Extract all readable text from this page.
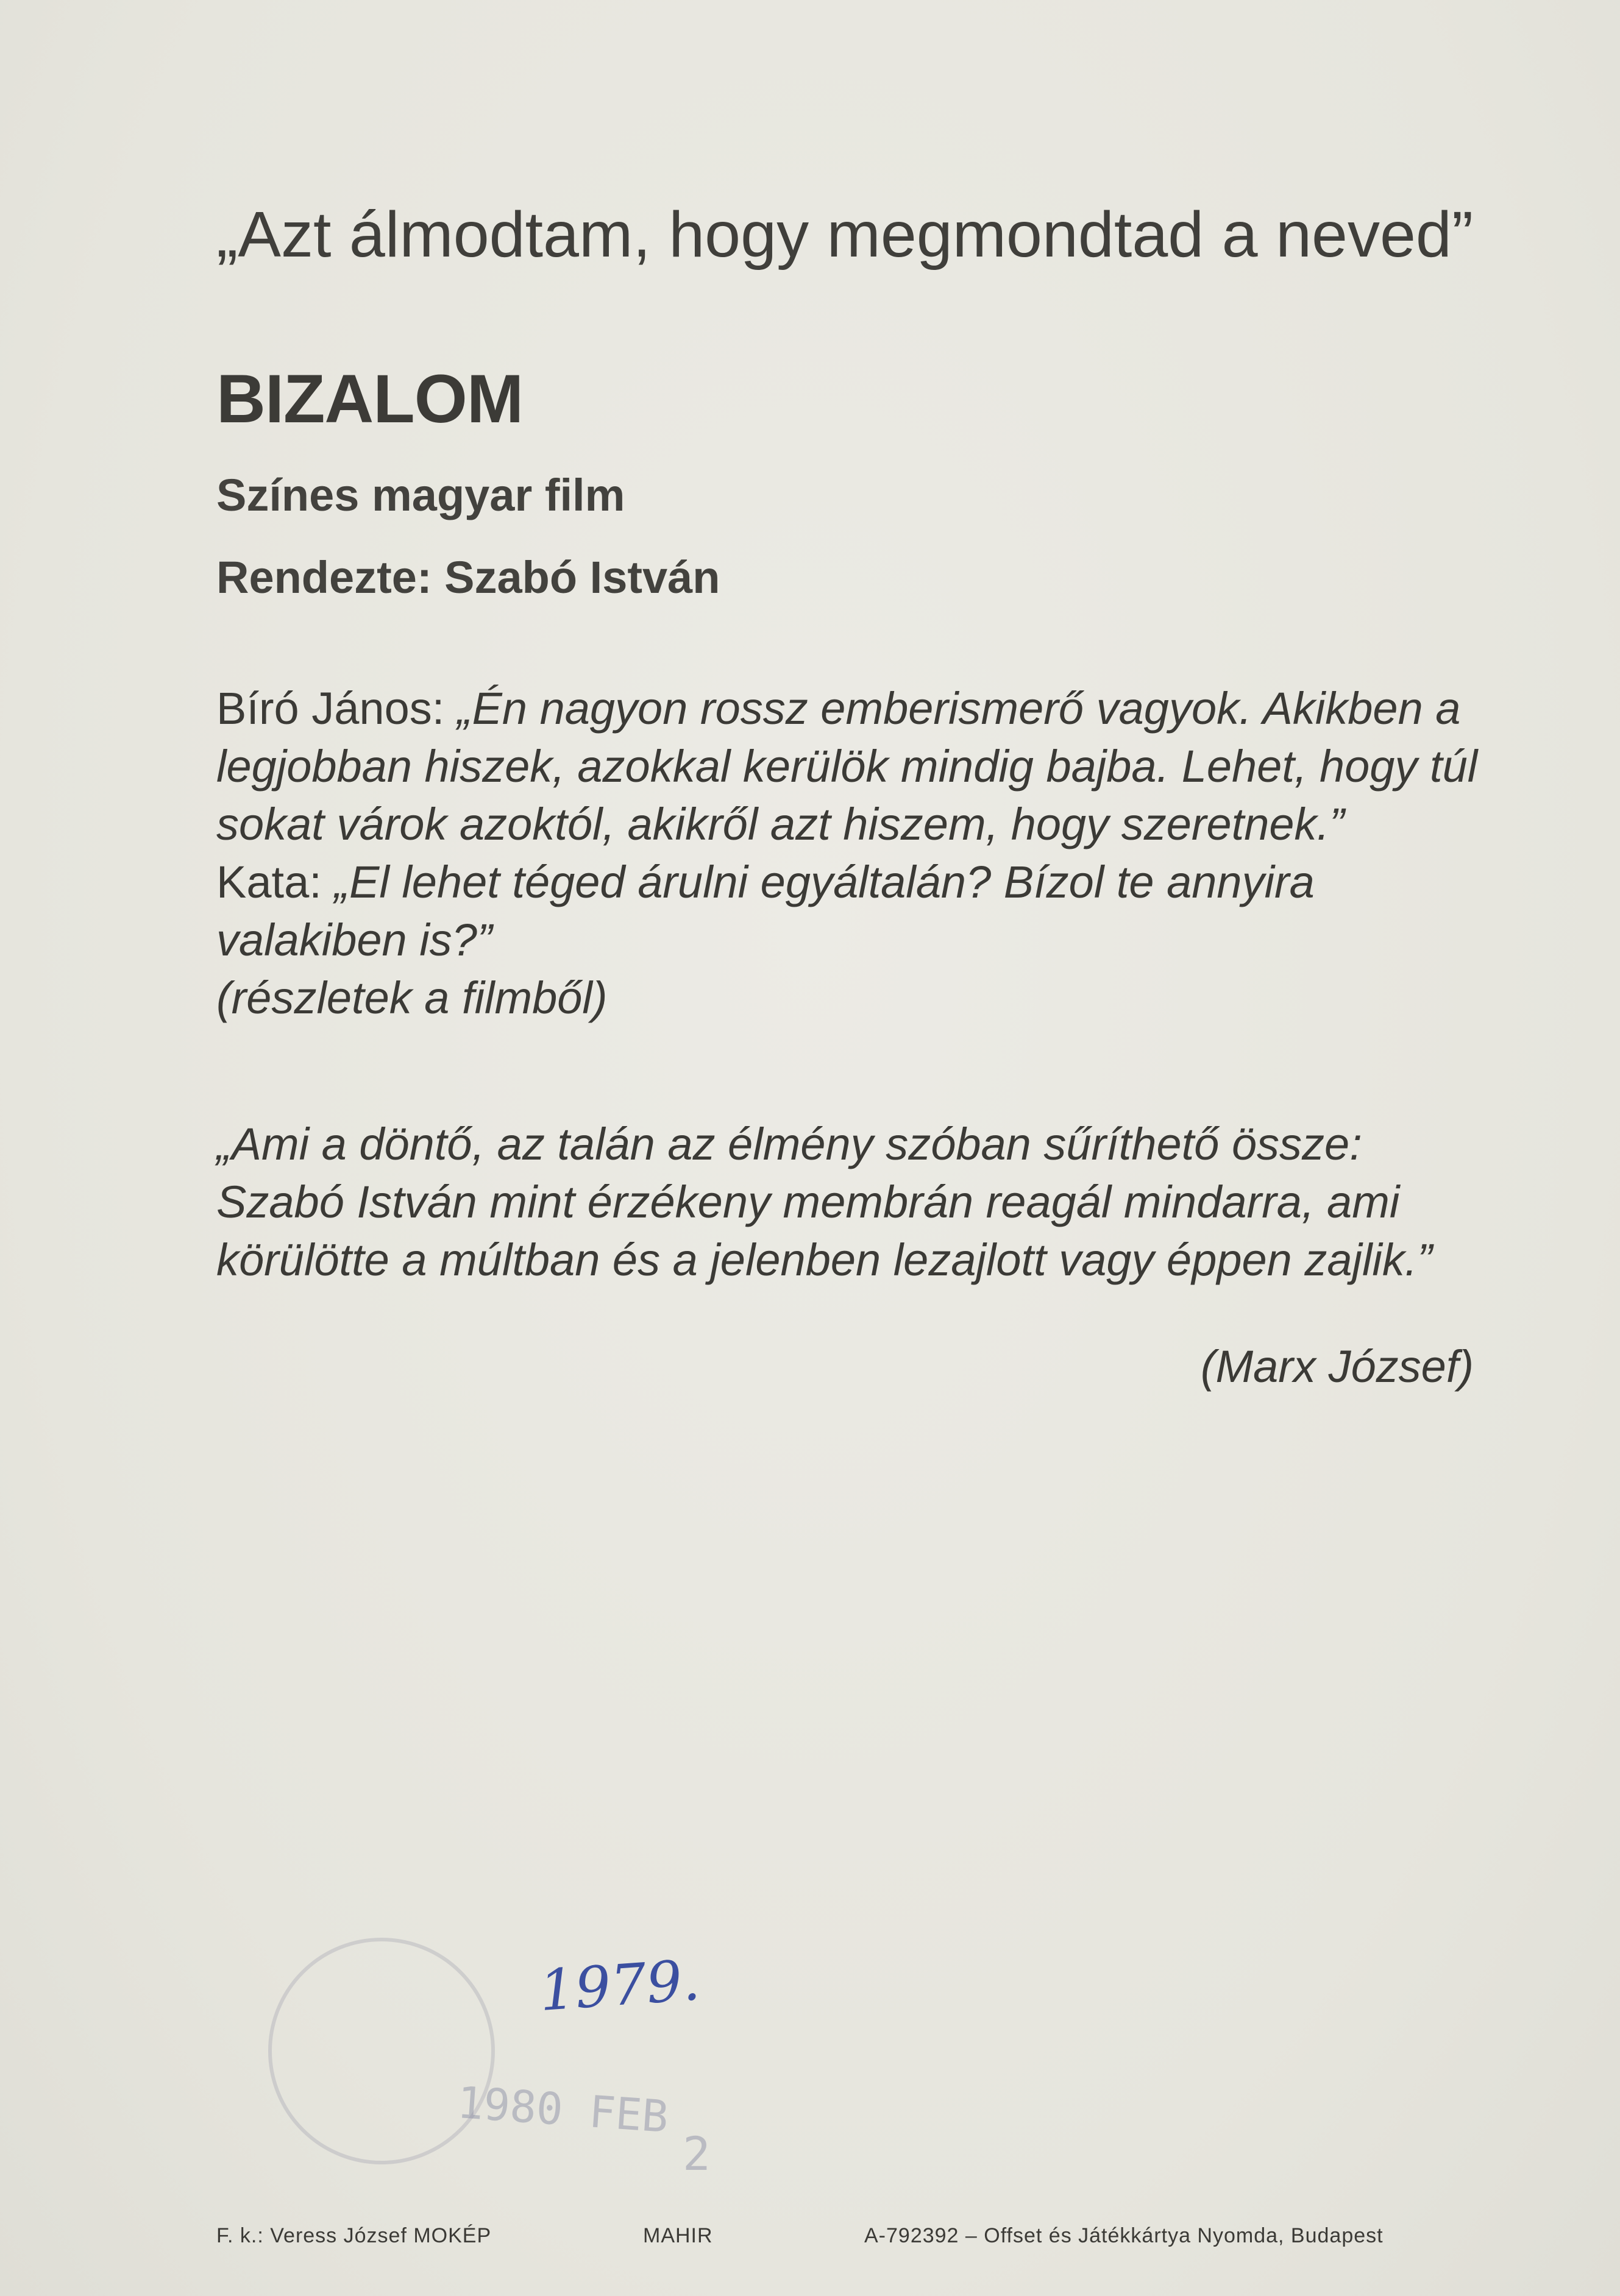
„Azt álmodtam, hogy megmondtad a neved”
BIZALOM
Színes magyar film
Rendezte: Szabó István

Bíró János: „Én nagyon rossz emberismerő vagyok. Akikben a legjobban hiszek, azokkal kerülök mindig bajba. Lehet, hogy túl sokat várok azoktól, akikről azt hiszem, hogy szeretnek.”
Kata: „El lehet téged árulni egyáltalán? Bízol te annyira valakiben is?”
(részletek a filmből)

„Ami a döntő, az talán az élmény szóban sűríthető össze: Szabó István mint érzékeny membrán reagál mindarra, ami körülötte a múltban és a jelenben lezajlott vagy éppen zajlik.”

(Marx József)

1979.
1980 FEB
2
F. k.: Veress József MOKÉP	MAHIR	A-792392 – Offset és Játékkártya Nyomda, Budapest
